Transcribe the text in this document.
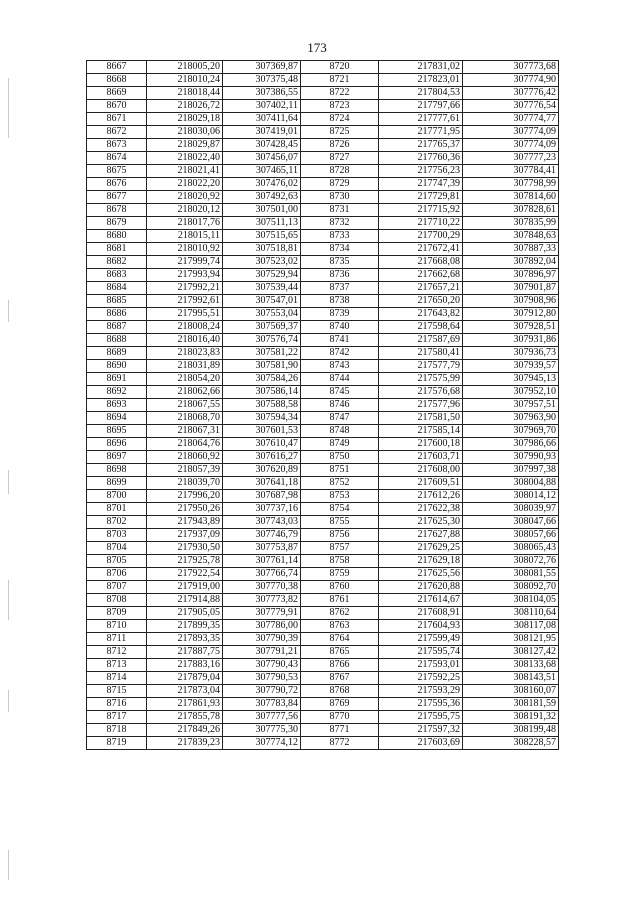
173
8667	218005,20	307369,87	8720	217831,02	307773,68
8668	218010,24	307375,48	8721	217823,01	307774,90
8669	218018,44	307386,55	8722	217804,53	307776,42
8670	218026,72	307402,11	8723	217797,66	307776,54
8671	218029,18	307411,64	8724	217777,61	307774,77
8672	218030,06	307419,01	8725	217771,95	307774,09
8673	218029,87	307428,45	8726	217765,37	307774,09
8674	218022,40	307456,07	8727	217760,36	307777,23
8675	218021,41	307465,11	8728	217756,23	307784,41
8676	218022,20	307476,02	8729	217747,39	307798,99
8677	218020,92	307492,63	8730	217729,81	307814,60
8678	218020,12	307501,00	8731	217715,92	307828,61
8679	218017,76	307511,13	8732	217710,22	307835,99
8680	218015,11	307515,65	8733	217700,29	307848,63
8681	218010,92	307518,81	8734	217672,41	307887,33
8682	217999,74	307523,02	8735	217668,08	307892,04
8683	217993,94	307529,94	8736	217662,68	307896,97
8684	217992,21	307539,44	8737	217657,21	307901,87
8685	217992,61	307547,01	8738	217650,20	307908,96
8686	217995,51	307553,04	8739	217643,82	307912,80
8687	218008,24	307569,37	8740	217598,64	307928,51
8688	218016,40	307576,74	8741	217587,69	307931,86
8689	218023,83	307581,22	8742	217580,41	307936,73
8690	218031,89	307581,90	8743	217577,79	307939,57
8691	218054,20	307584,26	8744	217575,99	307945,13
8692	218062,66	307586,14	8745	217576,68	307952,10
8693	218067,55	307588,58	8746	217577,96	307957,51
8694	218068,70	307594,34	8747	217581,50	307963,90
8695	218067,31	307601,53	8748	217585,14	307969,70
8696	218064,76	307610,47	8749	217600,18	307986,66
8697	218060,92	307616,27	8750	217603,71	307990,93
8698	218057,39	307620,89	8751	217608,00	307997,38
8699	218039,70	307641,18	8752	217609,51	308004,88
8700	217996,20	307687,98	8753	217612,26	308014,12
8701	217950,26	307737,16	8754	217622,38	308039,97
8702	217943,89	307743,03	8755	217625,30	308047,66
8703	217937,09	307746,79	8756	217627,88	308057,66
8704	217930,50	307753,87	8757	217629,25	308065,43
8705	217925,78	307761,14	8758	217629,18	308072,76
8706	217922,54	307766,74	8759	217625,56	308081,55
8707	217919,00	307770,38	8760	217620,88	308092,70
8708	217914,88	307773,82	8761	217614,67	308104,05
8709	217905,05	307779,91	8762	217608,91	308110,64
8710	217899,35	307786,00	8763	217604,93	308117,08
8711	217893,35	307790,39	8764	217599,49	308121,95
8712	217887,75	307791,21	8765	217595,74	308127,42
8713	217883,16	307790,43	8766	217593,01	308133,68
8714	217879,04	307790,53	8767	217592,25	308143,51
8715	217873,04	307790,72	8768	217593,29	308160,07
8716	217861,93	307783,84	8769	217595,36	308181,59
8717	217855,78	307777,56	8770	217595,75	308191,32
8718	217849,26	307775,30	8771	217597,32	308199,48
8719	217839,23	307774,12	8772	217603,69	308228,57
